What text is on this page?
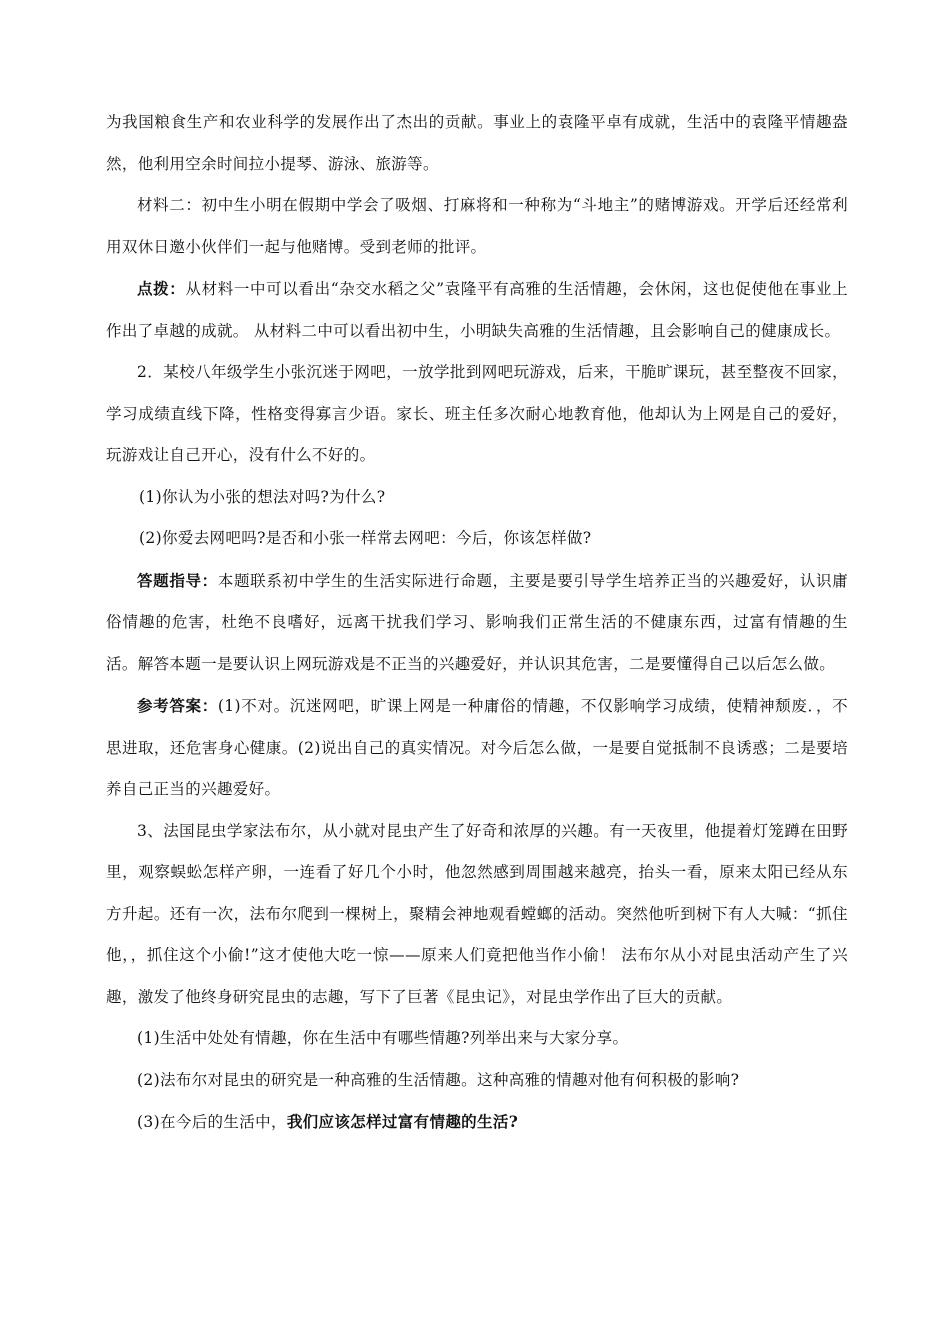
为我国粮食生产和农业科学的发展作出了杰出的贡献。事业上的袁隆平卓有成就，生活中的袁隆平情趣盎然，他利用空余时间拉小提琴、游泳、旅游等。

材料二：初中生小明在假期中学会了吸烟、打麻将和一种称为“斗地主”的赌博游戏。开学后还经常利用双休日邀小伙伴们一起与他赌博。受到老师的批评。

点拨：从材料一中可以看出“杂交水稻之父”袁隆平有高雅的生活情趣，会休闲，这也促使他在事业上作出了卓越的成就。 从材料二中可以看出初中生，小明缺失高雅的生活情趣，且会影响自己的健康成长。

2．某校八年级学生小张沉迷于网吧，一放学批到网吧玩游戏，后来，干脆旷课玩，甚至整夜不回家，学习成绩直线下降，性格变得寡言少语。家长、班主任多次耐心地教育他，他却认为上网是自己的爱好，玩游戏让自己开心，没有什么不好的。

(1)你认为小张的想法对吗?为什么?

(2)你爱去网吧吗?是否和小张一样常去网吧：今后，你该怎样做?

答题指导：本题联系初中学生的生活实际进行命题，主要是要引导学生培养正当的兴趣爱好，认识庸俗情趣的危害，杜绝不良嗜好，远离干扰我们学习、影响我们正常生活的不健康东西，过富有情趣的生活。解答本题一是要认识上网玩游戏是不正当的兴趣爱好，并认识其危害，二是要懂得自己以后怎么做。

参考答案：(1)不对。沉迷网吧，旷课上网是一种庸俗的情趣，不仅影响学习成绩，使精神颓废．，不思进取，还危害身心健康。(2)说出自己的真实情况。对今后怎么做，一是要自觉抵制不良诱惑；二是要培养自己正当的兴趣爱好。

3、法国昆虫学家法布尔，从小就对昆虫产生了好奇和浓厚的兴趣。有一天夜里，他提着灯笼蹲在田野里，观察蜈蚣怎样产卵，一连看了好几个小时，他忽然感到周围越来越亮，抬头一看，原来太阳已经从东方升起。还有一次，法布尔爬到一棵树上，聚精会神地观看螳螂的活动。突然他听到树下有人大喊：“抓住他，，抓住这个小偷!”这才使他大吃一惊——原来人们竟把他当作小偷！ 法布尔从小对昆虫活动产生了兴趣，激发了他终身研究昆虫的志趣，写下了巨著《昆虫记》，对昆虫学作出了巨大的贡献。

(1)生活中处处有情趣，你在生活中有哪些情趣?列举出来与大家分享。

(2)法布尔对昆虫的研究是一种高雅的生活情趣。这种高雅的情趣对他有何积极的影响?

(3)在今后的生活中，我们应该怎样过富有情趣的生活?
